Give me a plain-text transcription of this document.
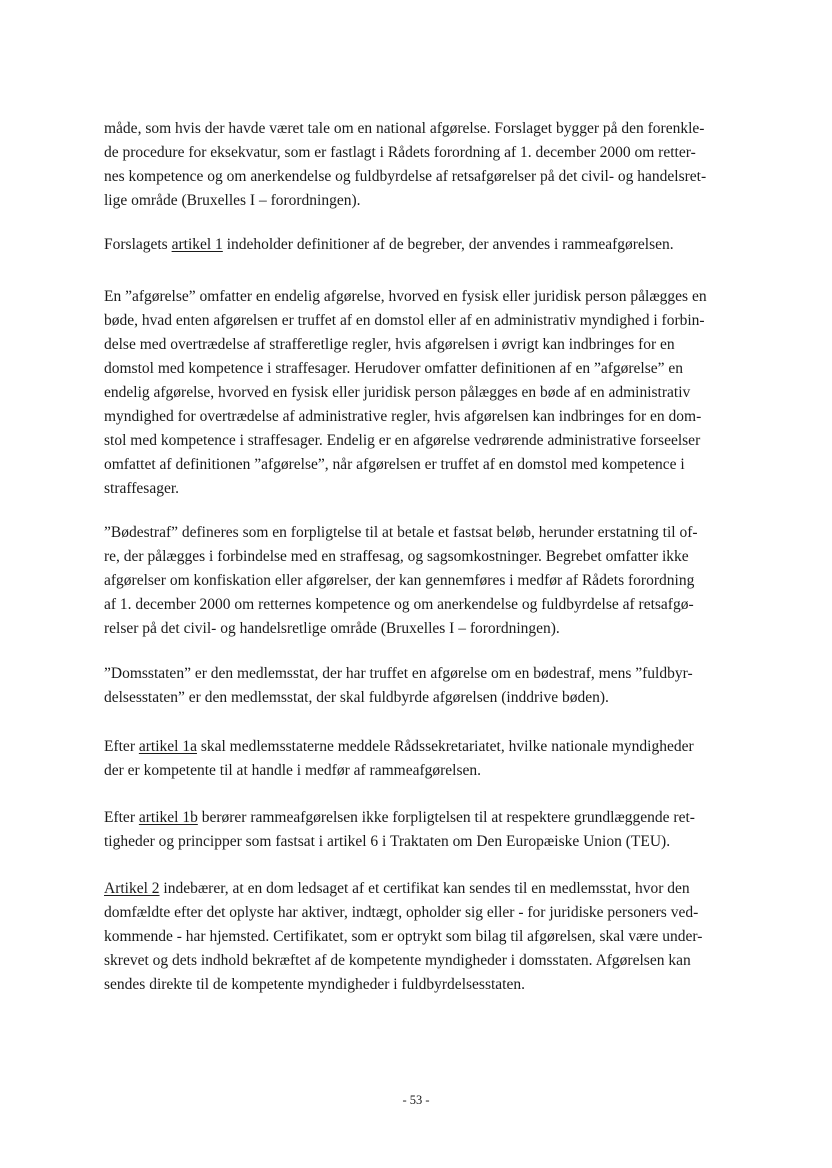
måde, som hvis der havde været tale om en national afgørelse. Forslaget bygger på den forenkle-
de procedure for eksekvatur, som er fastlagt i Rådets forordning af 1. december 2000 om retter-
nes kompetence og om anerkendelse og fuldbyrdelse af retsafgørelser på det civil- og handelsret-
lige område (Bruxelles I – forordningen).

Forslagets artikel 1 indeholder definitioner af de begreber, der anvendes i rammeafgørelsen.

En ”afgørelse” omfatter en endelig afgørelse, hvorved en fysisk eller juridisk person pålægges en
bøde, hvad enten afgørelsen er truffet af en domstol eller af en administrativ myndighed i forbin-
delse med overtrædelse af strafferetlige regler, hvis afgørelsen i øvrigt kan indbringes for en
domstol med kompetence i straffesager. Herudover omfatter definitionen af en ”afgørelse” en
endelig afgørelse, hvorved en fysisk eller juridisk person pålægges en bøde af en administrativ
myndighed for overtrædelse af administrative regler, hvis afgørelsen kan indbringes for en dom-
stol med kompetence i straffesager. Endelig er en afgørelse vedrørende administrative forseelser
omfattet af definitionen ”afgørelse”, når afgørelsen er truffet af en domstol med kompetence i
straffesager.

”Bødestraf” defineres som en forpligtelse til at betale et fastsat beløb, herunder erstatning til of-
re, der pålægges i forbindelse med en straffesag, og sagsomkostninger. Begrebet omfatter ikke
afgørelser om konfiskation eller afgørelser, der kan gennemføres i medfør af Rådets forordning
af 1. december 2000 om retternes kompetence og om anerkendelse og fuldbyrdelse af retsafgø-
relser på det civil- og handelsretlige område (Bruxelles I – forordningen).

”Domsstaten” er den medlemsstat, der har truffet en afgørelse om en bødestraf, mens ”fuldbyr-
delsesstaten” er den medlemsstat, der skal fuldbyrde afgørelsen (inddrive bøden).

Efter artikel 1a skal medlemsstaterne meddele Rådssekretariatet, hvilke nationale myndigheder
der er kompetente til at handle i medfør af rammeafgørelsen.

Efter artikel 1b berører rammeafgørelsen ikke forpligtelsen til at respektere grundlæggende ret-
tigheder og principper som fastsat i artikel 6 i Traktaten om Den Europæiske Union (TEU).

Artikel 2 indebærer, at en dom ledsaget af et certifikat kan sendes til en medlemsstat, hvor den
domfældte efter det oplyste har aktiver, indtægt, opholder sig eller - for juridiske personers ved-
kommende - har hjemsted. Certifikatet, som er optrykt som bilag til afgørelsen, skal være under-
skrevet og dets indhold bekræftet af de kompetente myndigheder i domsstaten. Afgørelsen kan
sendes direkte til de kompetente myndigheder i fuldbyrdelsesstaten.

- 53 -
